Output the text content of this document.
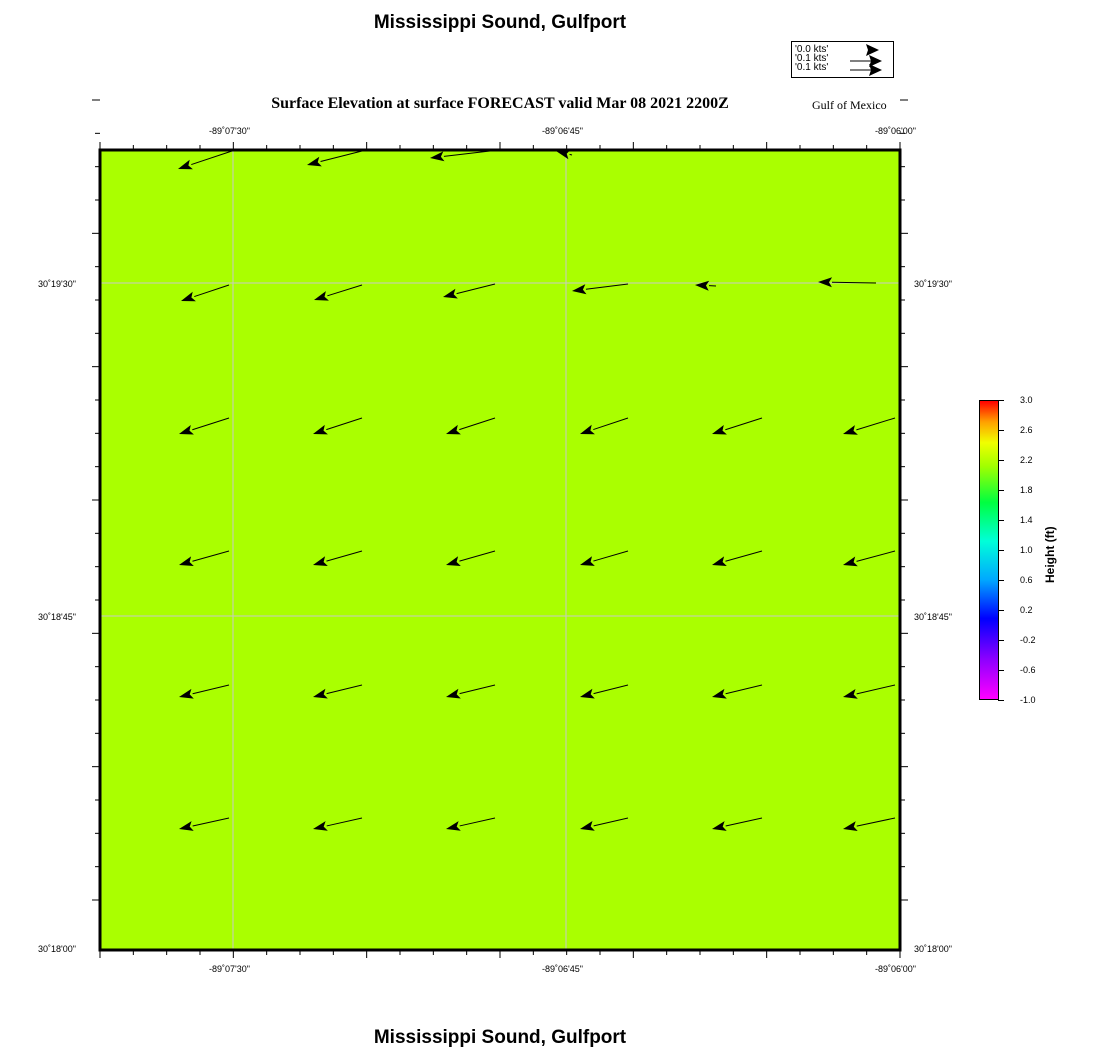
Mississippi Sound, Gulfport
'0.0 kts'
'0.1 kts'
'0.1 kts'
Surface Elevation at surface FORECAST valid Mar 08 2021 2200Z	Gulf of Mexico
-89˚07'30"	-89˚06'45"	-89˚06'00"
-89˚07'30"	-89˚06'45"	-89˚06'00"
30˚19'30"
30˚18'45"
30˚18'00"
30˚19'30"
30˚18'45"
30˚18'00"
3.0
2.6
2.2
1.8
1.4
1.0
0.6
0.2
-0.2
-0.6
-1.0
Height (ft)
Mississippi Sound, Gulfport
